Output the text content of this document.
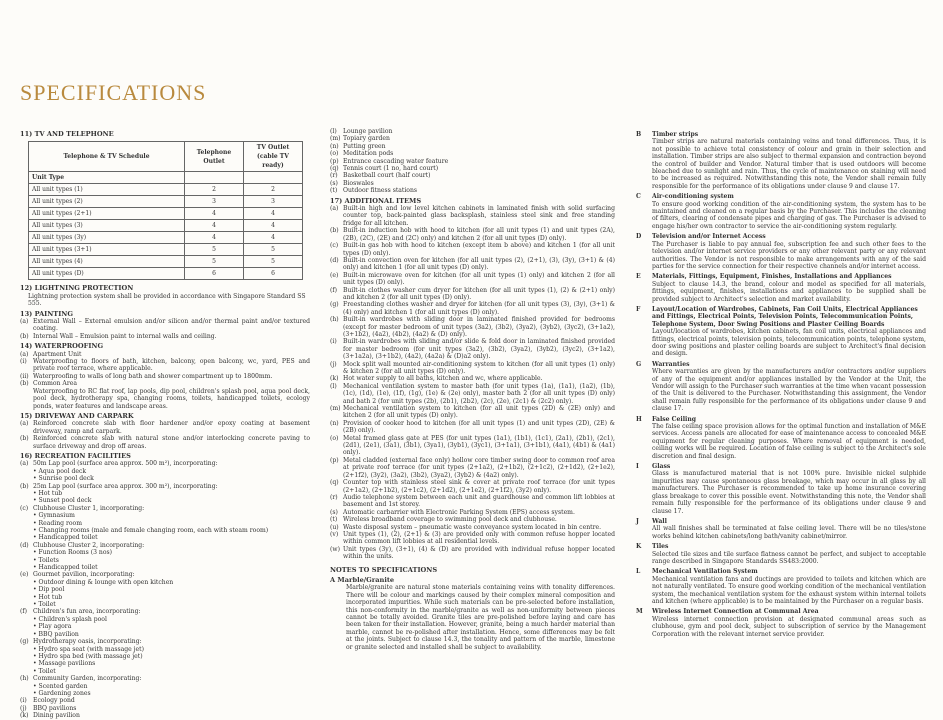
SPECIFICATIONS
11) TV AND TELEPHONE
Telephone & TV Schedule	Telephone Outlet	TV Outlet (cable TV ready)
Unit Type		
All unit types (1)	2	2
All unit types (2)	3	3
All unit types (2+1)	4	4
All unit types (3)	4	4
All unit types (3y)	4	4
All unit types (3+1)	5	5
All unit types (4)	5	5
All unit types (D)	6	6
12) LIGHTNING PROTECTION
Lightning protection system shall be provided in accordance with Singapore Standard SS 555.
13) PAINTING
(a) External Wall – External emulsion and/or silicon and/or thermal paint and/or textured coating.
(b) Internal Wall – Emulsion paint to internal walls and ceiling.
14) WATERPROOFING
(a) Apartment Unit
(i)	Waterproofing to floors of bath, kitchen, balcony, open balcony, wc, yard, PES and private roof terrace, where applicable.
(ii) Waterproofing to walls of long bath and shower compartment up to 1800mm.
(b) Common Area
Waterproofing to RC flat roof, lap pools, dip pool, children's splash pool, aqua pool deck, pool deck, hydrotherapy spa, changing rooms, toilets, handicapped toilets, ecology ponds, water features and landscape areas.
15) DRIVEWAY AND CARPARK
(a) Reinforced concrete slab with floor hardener and/or epoxy coating at basement driveway, ramp and carpark.
(b) Reinforced concrete slab with natural stone and/or interlocking concrete paving to surface driveway and drop off areas.
16) RECREATION FACILITIES
(a) 50m Lap pool (surface area approx. 500 m²), incorporating:
• Aqua pool deck
• Sunrise pool deck
(b) 25m Lap pool (surface area approx. 300 m²), incorporating:
• Hot tub
• Sunset pool deck
(c) Clubhouse Cluster 1, incorporating:
• Gymnasium
• Reading room
• Changing rooms (male and female changing room, each with steam room)
• Handicapped toilet
(d) Clubhouse Cluster 2, incorporating:
• Function Rooms (3 nos)
• Toilets
• Handicapped toilet
(e) Gourmet pavilion, incorporating:
• Outdoor dining & lounge with open kitchen
• Dip pool
• Hot tub
• Toilet
(f) Children's fun area, incorporating:
• Children's splash pool
• Play agora
• BBQ pavilion
(g) Hydrotherapy oasis, incorporating:
• Hydro spa seat (with massage jet)
• Hydro spa bed (with massage jet)
• Massage pavilions
• Toilet
(h) Community Garden, incorporating:
• Scented garden
• Gardening zones
(i)	Ecology pond
(j)	BBQ pavilions
(k) Dining pavilion
(l)	Lounge pavilion
(m) Topiary garden
(n) Putting green
(o) Meditation pods
(p) Entrance cascading water feature
(q) Tennis court (1 no, hard court)
(r) Basketball court (half court)
(s) Bioswales
(t) Outdoor fitness stations
17) ADDITIONAL ITEMS
(a) Built-in high and low level kitchen cabinets in laminated finish with solid surfacing counter top, back-painted glass backsplash, stainless steel sink and free standing fridge for all kitchen.
(b) Built-in induction hob with hood to kitchen (for all unit types (1) and unit types (2A), (2B), (2C), (2E) and (2C) only) and kitchen 2 (for all unit types (D) only).
(c) Built-in gas hob with hood to kitchen (except item b above) and kitchen 1 (for all unit types (D) only).
(d) Built-in convection oven for kitchen (for all unit types (2), (2+1), (3), (3y), (3+1) & (4) only) and kitchen 1 (for all unit types (D) only).
(e) Built-in microwave oven for kitchen (for all unit types (1) only) and kitchen 2 (for all unit types (D) only).
(f) Built-in clothes washer cum dryer for kitchen (for all unit types (1), (2) & (2+1) only) and kitchen 2 (for all unit types (D) only).
(g) Freestanding clothes washer and dryer for kitchen (for all unit types (3), (3y), (3+1) & (4) only) and kitchen 1 (for all unit types (D) only).
(h) Built-in wardrobes with sliding door in laminated finished provided for bedrooms (except for master bedroom of unit types (3a2), (3b2), (3ya2), (3yb2), (3yc2), (3+1a2), (3+1b2), (4a2), (4b2), (4a2) & (D) only).
(i)	Built-in wardrobes with sliding and/or slide & fold door in laminated finished provided for master bedroom (for unit types (3a2), (3b2), (3ya2), (3yb2), (3yc2), (3+1a2), (3+1a2a), (3+1b2), (4a2), (4a2a) & (D)a2 only).
(j)	Mock split wall mounted air-conditioning system to kitchen (for all unit types (1) only) & kitchen 2 (for all unit types (D) only).
(k) Hot water supply to all baths, kitchen and wc, where applicable.
(l)	Mechanical ventilation system to master bath (for unit types (1a), (1a1), (1a2), (1b), (1c), (1d), (1e), (1f), (1g), (1e) & (2e) only), master bath 2 (for all unit types (D) only) and bath 2 (for unit types (2b), (2b1), (2b2), (2c), (2e), (2c1) & (2c2) only).
(m) Mechanical ventilation system to kitchen (for all unit types (2D) & (2E) only) and kitchen 2 (for all unit types (D) only).
(n) Provision of cooker hood to kitchen (for all unit types (1) and unit types (2D), (2E) & (2B) only).
(o) Metal framed glass gate at PES (for unit types (1a1), (1b1), (1c1), (2a1), (2b1), (2c1), (2d1), (2e1), (3a1), (3b1), (3ya1), (3yb1), (3yc1), (3+1a1), (3+1b1), (4a1), (4b1) & (4a1) only).
(p) Metal cladded (external face only) hollow core timber swing door to common roof area at private roof terrace (for unit types (2+1a2), (2+1b2), (2+1c2), (2+1d2), (2+1e2), (2+1f2), (3y2), (3a2), (3b2), (3ya2), (3yb2) & (4a2) only).
(q) Counter top with stainless steel sink & cover at private roof terrace (for unit types (2+1a2), (2+1b2), (2+1c2), (2+1d2), (2+1e2), (2+1f2), (3y2) only).
(r) Audio telephone system between each unit and guardhouse and common lift lobbies at basement and 1st storey.
(s) Automatic carbarrier with Electronic Parking System (EPS) access system.
(t) Wireless broadband coverage to swimming pool deck and clubhouse.
(u) Waste disposal system – pneumatic waste conveyance system located in bin centre.
(v) Unit types (1), (2), (2+1) & (3) are provided only with common refuse hopper located within common lift lobbies at all residential levels.
(w) Unit types (3y), (3+1), (4) & (D) are provided with individual refuse hopper located within the units.
NOTES TO SPECIFICATIONS
A Marble/Granite
Marble/granite are natural stone materials containing veins with tonality differences. There will be colour and markings caused by their complex mineral composition and incorporated impurities. While such materials can be pre-selected before installation, this non-conformity in the marble/granite as well as non-uniformity between pieces cannot be totally avoided. Granite tiles are pre-polished before laying and care has been taken for their installation. However, granite, being a much harder material than marble, cannot be re-polished after installation. Hence, some differences may be felt at the joints. Subject to clause 14.3, the tonality and pattern of the marble, limestone or granite selected and installed shall be subject to availability.
B	Timber strips
Timber strips are natural materials containing veins and tonal differences. Thus, it is not possible to achieve total consistency of colour and grain in their selection and installation. Timber strips are also subject to thermal expansion and contraction beyond the control of builder and Vendor. Natural timber that is used outdoors will become bleached due to sunlight and rain. Thus, the cycle of maintenance on staining will need to be increased as required. Notwithstanding this note, the Vendor shall remain fully responsible for the performance of its obligations under clause 9 and clause 17.
C	Air-conditioning system
To ensure good working condition of the air-conditioning system, the system has to be maintained and cleaned on a regular basis by the Purchaser. This includes the cleaning of filters, clearing of condensate pipes and charging of gas. The Purchaser is advised to engage his/her own contractor to service the air-conditioning system regularly.
D	Television and/or Internet Access
The Purchaser is liable to pay annual fee, subscription fee and such other fees to the television and/or internet service providers or any other relevant party or any relevant authorities. The Vendor is not responsible to make arrangements with any of the said parties for the service connection for their respective channels and/or internet access.
E	Materials, Fittings, Equipment, Finishes, Installations and Appliances
Subject to clause 14.3, the brand, colour and model as specified for all materials, fittings, equipment, finishes, installations and appliances to be supplied shall be provided subject to Architect's selection and market availability.
F	Layout/Location of Wardrobes, Cabinets, Fan Coil Units, Electrical Appliances and Fittings, Electrical Points, Television Points, Telecommunication Points, Telephone System, Door Swing Positions and Plaster Ceiling Boards
Layout/location of wardrobes, kitchen cabinets, fan coil units, electrical appliances and fittings, electrical points, television points, telecommunication points, telephone system, door swing positions and plaster ceiling boards are subject to Architect's final decision and design.
G	Warranties
Where warranties are given by the manufacturers and/or contractors and/or suppliers of any of the equipment and/or appliances installed by the Vendor at the Unit, the Vendor will assign to the Purchaser such warranties at the time when vacant possession of the Unit is delivered to the Purchaser. Notwithstanding this assignment, the Vendor shall remain fully responsible for the performance of its obligations under clause 9 and clause 17.
H	False Ceiling
The false ceiling space provision allows for the optimal function and installation of M&E services. Access panels are allocated for ease of maintenance access to concealed M&E equipment for regular cleaning purposes. Where removal of equipment is needed, ceiling works will be required. Location of false ceiling is subject to the Architect's sole discretion and final design.
I	Glass
Glass is manufactured material that is not 100% pure. Invisible nickel sulphide impurities may cause spontaneous glass breakage, which may occur in all glass by all manufacturers. The Purchaser is recommended to take up home insurance covering glass breakage to cover this possible event. Notwithstanding this note, the Vendor shall remain fully responsible for the performance of its obligations under clause 9 and clause 17.
J	Wall
All wall finishes shall be terminated at false ceiling level. There will be no tiles/stone works behind kitchen cabinets/long bath/vanity cabinet/mirror.
K	Tiles
Selected tile sizes and tile surface flatness cannot be perfect, and subject to acceptable range described in Singapore Standards SS483:2000.
L	Mechanical Ventilation System
Mechanical ventilation fans and ductings are provided to toilets and kitchen which are not naturally ventilated. To ensure good working condition of the mechanical ventilation system, the mechanical ventilation system for the exhaust system within internal toilets and kitchen (where applicable) is to be maintained by the Purchaser on a regular basis.
M	Wireless Internet Connection at Communal Area
Wireless internet connection provision at designated communal areas such as clubhouse, gym and pool deck, subject to subscription of service by the Management Corporation with the relevant internet service provider.
